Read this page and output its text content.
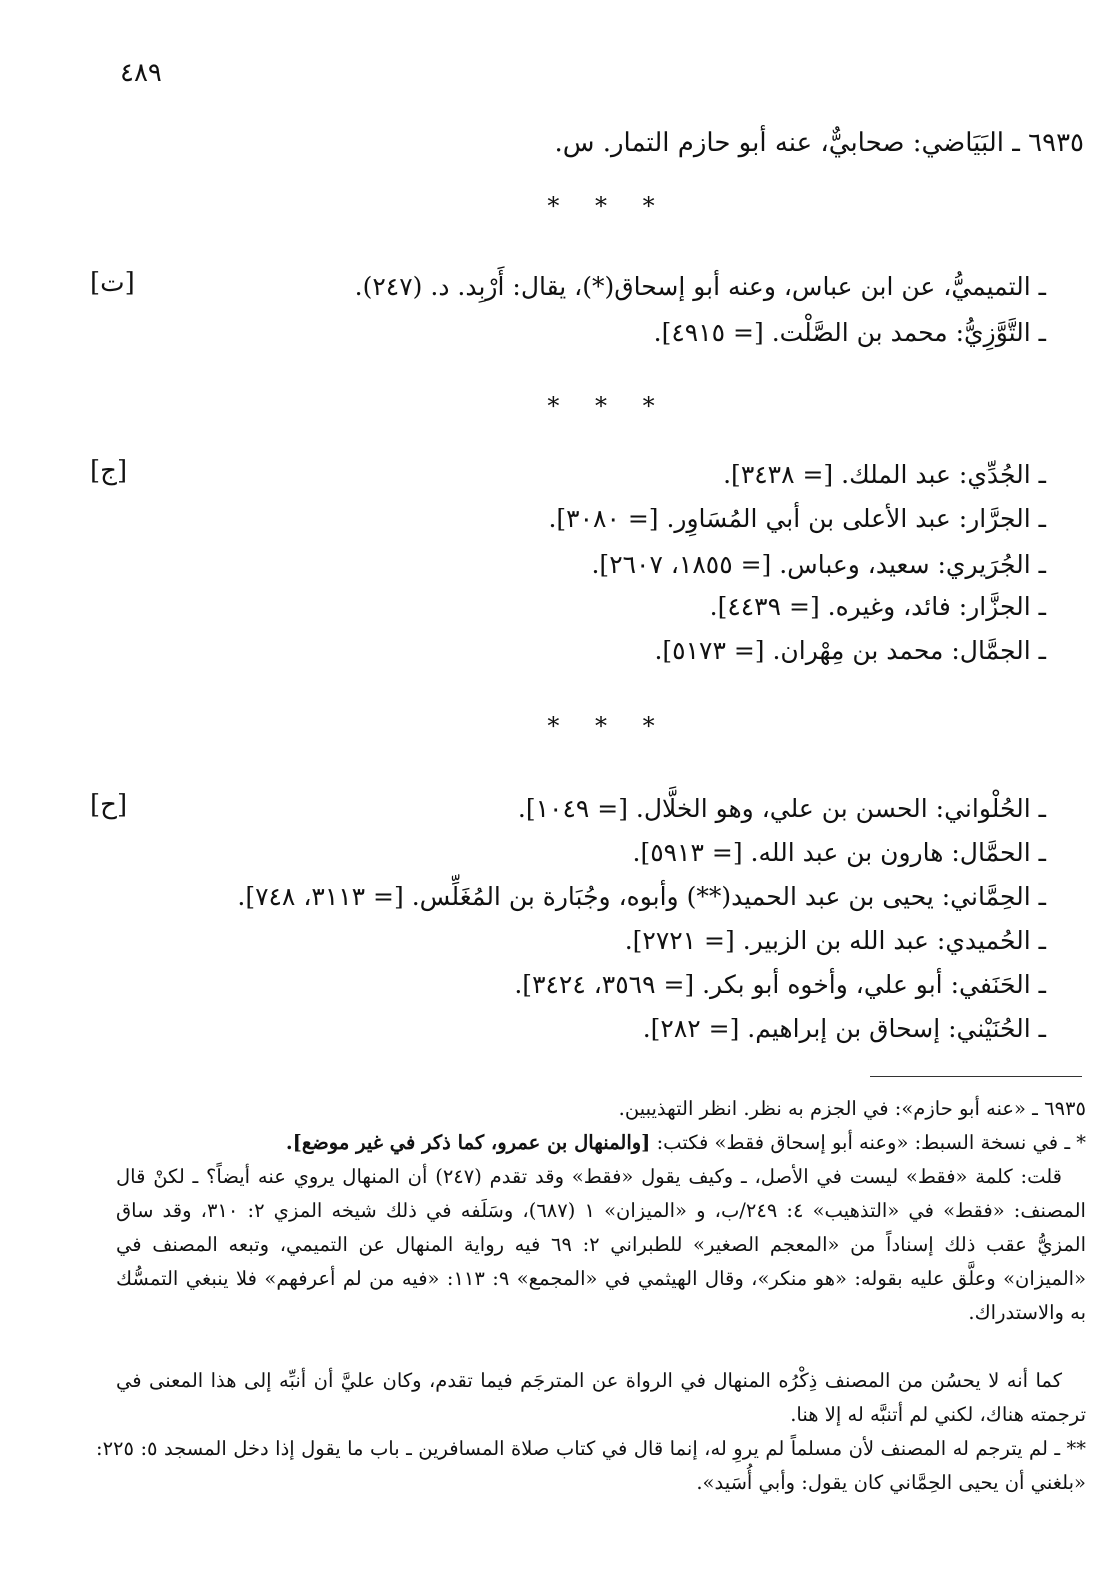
٤٨٩
٦٩٣٥ ـ البَيَاضي: صحابيٌّ، عنه أبو حازم التمار. س.
* * *
[ت]	ـ التميميُّ، عن ابن عباس، وعنه أبو إسحاق(*)، يقال: أَرْبِد. د. (٢٤٧).
ـ التَّوَّزِيُّ: محمد بن الصَّلْت. [= ٤٩١٥].
* * *
[ج]	ـ الجُدِّي: عبد الملك. [= ٣٤٣٨].
ـ الجرَّار: عبد الأعلى بن أبي المُسَاوِر. [= ٣٠٨٠].
ـ الجُرَيري: سعيد، وعباس. [= ١٨٥٥، ٢٦٠٧].
ـ الجزَّار: فائد، وغيره. [= ٤٤٣٩].
ـ الجمَّال: محمد بن مِهْران. [= ٥١٧٣].
* * *
[ح]	ـ الحُلْواني: الحسن بن علي، وهو الخلَّال. [= ١٠٤٩].
ـ الحمَّال: هارون بن عبد الله. [= ٥٩١٣].
ـ الحِمَّاني: يحيى بن عبد الحميد(**) وأبوه، وجُبَارة بن المُغَلِّس. [= ٣١١٣، ٧٤٨].
ـ الحُميدي: عبد الله بن الزبير. [= ٢٧٢١].
ـ الحَنَفي: أبو علي، وأخوه أبو بكر. [= ٣٥٦٩، ٣٤٢٤].
ـ الحُنَيْني: إسحاق بن إبراهيم. [= ٢٨٢].
٦٩٣٥ ـ «عنه أبو حازم»: في الجزم به نظر. انظر التهذيبين.
* ـ في نسخة السبط: «وعنه أبو إسحاق فقط» فكتب: [والمنهال بن عمرو، كما ذكر في غير موضع].
قلت: كلمة «فقط» ليست في الأصل، ـ وكيف يقول «فقط» وقد تقدم (٢٤٧) أن المنهال يروي عنه أيضاً؟ ـ لكنْ قال المصنف: «فقط» في «التذهيب» ٤: ٢٤٩/ب، و «الميزان» ١ (٦٨٧)، وسَلَفه في ذلك شيخه المزي ٢: ٣١٠، وقد ساق المزيُّ عقب ذلك إسناداً من «المعجم الصغير» للطبراني ٢: ٦٩ فيه رواية المنهال عن التميمي، وتبعه المصنف في «الميزان» وعلَّق عليه بقوله: «هو منكر»، وقال الهيثمي في «المجمع» ٩: ١١٣: «فيه من لم أعرفهم» فلا ينبغي التمسُّك به والاستدراك.
كما أنه لا يحسُن من المصنف ذِكْرُه المنهال في الرواة عن المترجَم فيما تقدم، وكان عليَّ أن أنبِّه إلى هذا المعنى في ترجمته هناك، لكني لم أتنبَّه له إلا هنا.
** ـ لم يترجم له المصنف لأن مسلماً لم يروِ له، إنما قال في كتاب صلاة المسافرين ـ باب ما يقول إذا دخل المسجد ٥: ٢٢٥: «بلغني أن يحيى الحِمَّاني كان يقول: وأبي أُسَيد».
